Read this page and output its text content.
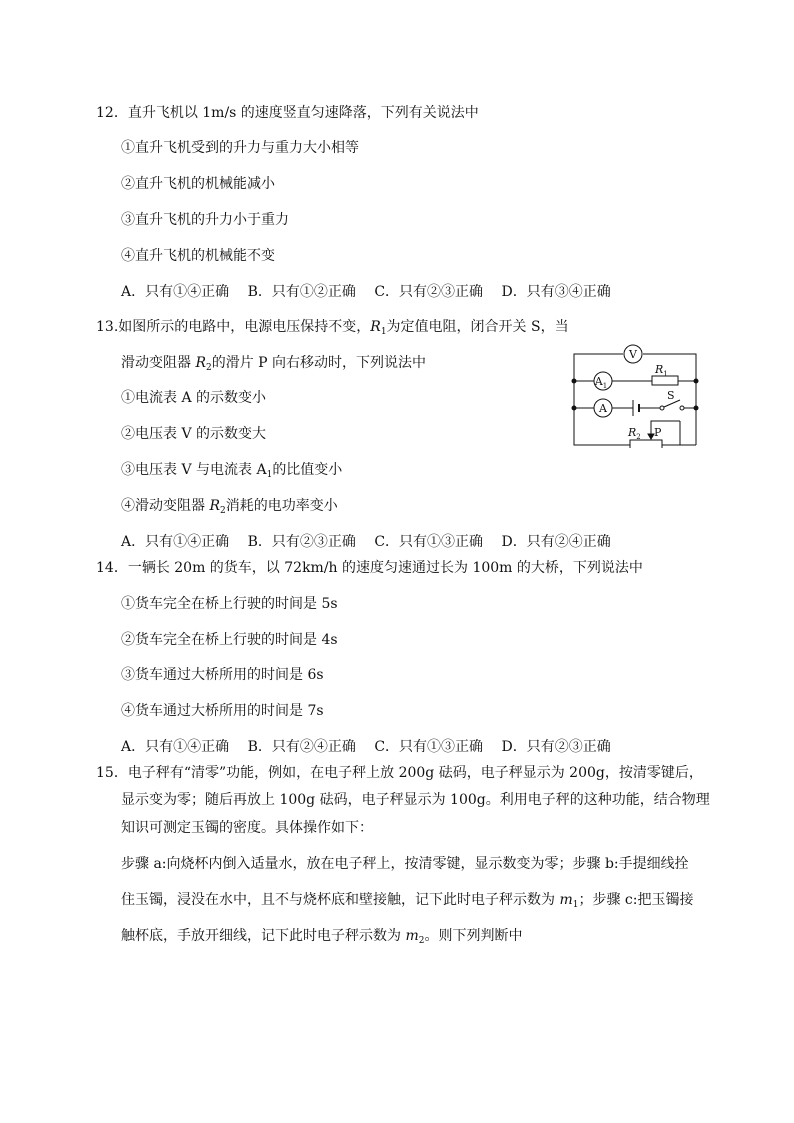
12．直升飞机以 1m/s 的速度竖直匀速降落，下列有关说法中
①直升飞机受到的升力与重力大小相等
②直升飞机的机械能减小
③直升飞机的升力小于重力
④直升飞机的机械能不变
A．只有①④正确 B．只有①②正确 C．只有②③正确 D．只有③④正确
13.如图所示的电路中，电源电压保持不变，$R_1$为定值电阻，闭合开关 S，当
滑动变阻器 $R_2$的滑片 P 向右移动时，下列说法中
①电流表 A 的示数变小
②电压表 V 的示数变大
③电压表 V 与电流表 $A_1$的比值变小
④滑动变阻器 $R_2$消耗的电功率变小
A．只有①④正确 B．只有②③正确 C．只有①③正确 D．只有②④正确
V
$A_1$
$R_1$
A
S
$R_2$ P
14．一辆长 20m 的货车，以 72km/h 的速度匀速通过长为 100m 的大桥，下列说法中
①货车完全在桥上行驶的时间是 5s
②货车完全在桥上行驶的时间是 4s
③货车通过大桥所用的时间是 6s
④货车通过大桥所用的时间是 7s
A．只有①④正确 B．只有②④正确 C．只有①③正确 D．只有②③正确
15．电子秤有“清零”功能，例如，在电子秤上放 200g 砝码，电子秤显示为 200g，按清零键后，
显示变为零；随后再放上 100g 砝码，电子秤显示为 100g。利用电子秤的这种功能，结合物理
知识可测定玉镯的密度。具体操作如下：
步骤 a:向烧杯内倒入适量水，放在电子秤上，按清零键，显示数变为零；步骤 b:手提细线拴
住玉镯，浸没在水中，且不与烧杯底和壁接触，记下此时电子秤示数为 $m_1$；步骤 c:把玉镯接
触杯底，手放开细线，记下此时电子秤示数为 $m_2$。则下列判断中
